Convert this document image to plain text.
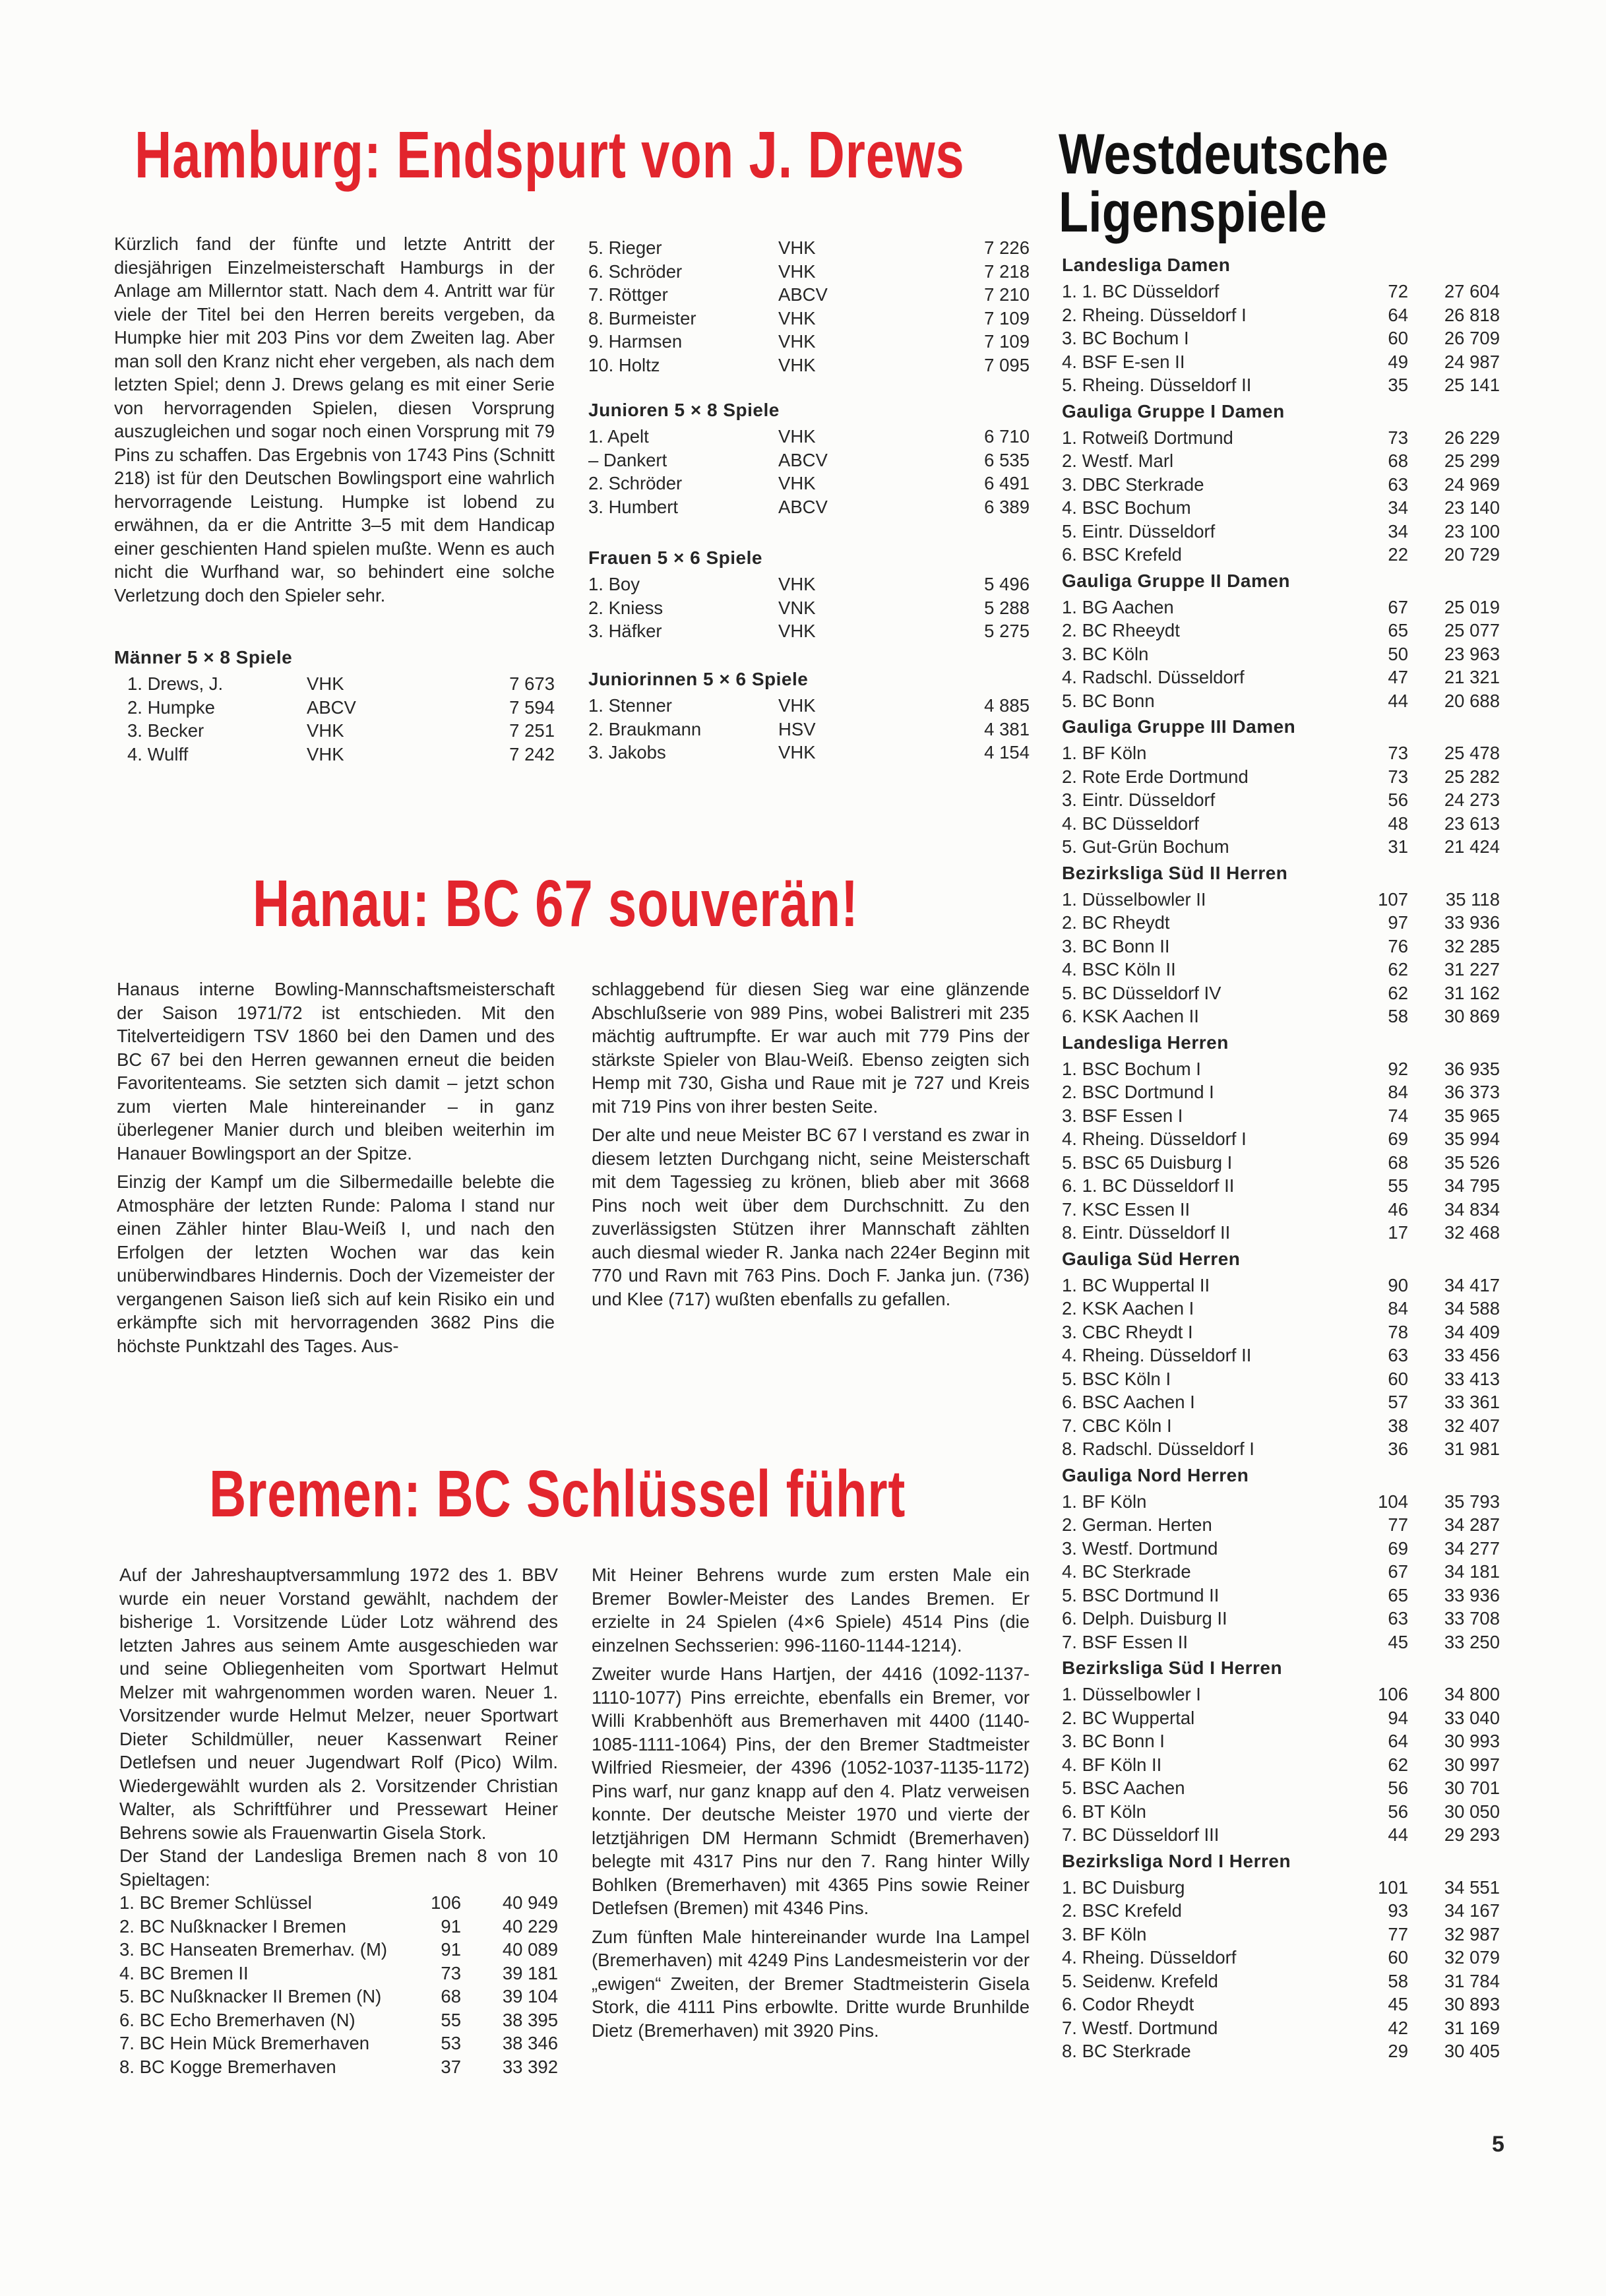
Hamburg: Endspurt von J. Drews

Kürzlich fand der fünfte und letzte Antritt der diesjährigen Einzelmeisterschaft Hamburgs in der Anlage am Millerntor statt. Nach dem 4. Antritt war für viele der Titel bei den Herren bereits vergeben, da Humpke hier mit 203 Pins vor dem Zweiten lag. Aber man soll den Kranz nicht eher vergeben, als nach dem letzten Spiel; denn J. Drews gelang es mit einer Serie von hervorragenden Spielen, diesen Vorsprung auszugleichen und sogar noch einen Vorsprung mit 79 Pins zu schaffen. Das Ergebnis von 1743 Pins (Schnitt 218) ist für den Deutschen Bowlingsport eine wahrlich hervorragende Leistung. Humpke ist lobend zu erwähnen, da er die Antritte 3–5 mit dem Handicap einer geschienten Hand spielen mußte. Wenn es auch nicht die Wurfhand war, so behindert eine solche Verletzung doch den Spieler sehr.

Männer 5 × 8 Spiele
1. Drews, J.	VHK	7 673
2. Humpke	ABCV	7 594
3. Becker	VHK	7 251
4. Wulff	VHK	7 242
5. Rieger	VHK	7 226
6. Schröder	VHK	7 218
7. Röttger	ABCV	7 210
8. Burmeister	VHK	7 109
9. Harmsen	VHK	7 109
10. Holtz	VHK	7 095
Junioren 5 × 8 Spiele
1. Apelt	VHK	6 710
– Dankert	ABCV	6 535
2. Schröder	VHK	6 491
3. Humbert	ABCV	6 389
Frauen 5 × 6 Spiele
1. Boy	VHK	5 496
2. Kniess	VNK	5 288
3. Häfker	VHK	5 275
Juniorinnen 5 × 6 Spiele
1. Stenner	VHK	4 885
2. Braukmann	HSV	4 381
3. Jakobs	VHK	4 154
Hanau: BC 67 souverän!

Hanaus interne Bowling-Mannschaftsmeisterschaft der Saison 1971/72 ist entschieden. Mit den Titelverteidigern TSV 1860 bei den Damen und des BC 67 bei den Herren gewannen erneut die beiden Favoritenteams. Sie setzten sich damit – jetzt schon zum vierten Male hintereinander – in ganz überlegener Manier durch und bleiben weiterhin im Hanauer Bowlingsport an der Spitze.

Einzig der Kampf um die Silbermedaille belebte die Atmosphäre der letzten Runde: Paloma I stand nur einen Zähler hinter Blau-Weiß I, und nach den Erfolgen der letzten Wochen war das kein unüberwindbares Hindernis. Doch der Vizemeister der vergangenen Saison ließ sich auf kein Risiko ein und erkämpfte sich mit hervorragenden 3682 Pins die höchste Punktzahl des Tages. Aus-

schlaggebend für diesen Sieg war eine glänzende Abschlußserie von 989 Pins, wobei Balistreri mit 235 mächtig auftrumpfte. Er war auch mit 779 Pins der stärkste Spieler von Blau-Weiß. Ebenso zeigten sich Hemp mit 730, Gisha und Raue mit je 727 und Kreis mit 719 Pins von ihrer besten Seite.

Der alte und neue Meister BC 67 I verstand es zwar in diesem letzten Durchgang nicht, seine Meisterschaft mit dem Tagessieg zu krönen, blieb aber mit 3668 Pins noch weit über dem Durchschnitt. Zu den zuverlässigsten Stützen ihrer Mannschaft zählten auch diesmal wieder R. Janka nach 224er Beginn mit 770 und Ravn mit 763 Pins. Doch F. Janka jun. (736) und Klee (717) wußten ebenfalls zu gefallen.

Bremen: BC Schlüssel führt

Auf der Jahreshauptversammlung 1972 des 1. BBV wurde ein neuer Vorstand gewählt, nachdem der bisherige 1. Vorsitzende Lüder Lotz während des letzten Jahres aus seinem Amte ausgeschieden war und seine Obliegenheiten vom Sportwart Helmut Melzer mit wahrgenommen worden waren. Neuer 1. Vorsitzender wurde Helmut Melzer, neuer Sportwart Dieter Schildmüller, neuer Kassenwart Reiner Detlefsen und neuer Jugendwart Rolf (Pico) Wilm. Wiedergewählt wurden als 2. Vorsitzender Christian Walter, als Schriftführer und Pressewart Heiner Behrens sowie als Frauenwartin Gisela Stork.

Der Stand der Landesliga Bremen nach 8 von 10 Spieltagen:

1. BC Bremer Schlüssel	106	40 949
2. BC Nußknacker I Bremen	91	40 229
3. BC Hanseaten Bremerhav. (M)	91	40 089
4. BC Bremen II	73	39 181
5. BC Nußknacker II Bremen (N)	68	39 104
6. BC Echo Bremerhaven (N)	55	38 395
7. BC Hein Mück Bremerhaven	53	38 346
8. BC Kogge Bremerhaven	37	33 392

Mit Heiner Behrens wurde zum ersten Male ein Bremer Bowler-Meister des Landes Bremen. Er erzielte in 24 Spielen (4×6 Spiele) 4514 Pins (die einzelnen Sechsserien: 996-1160-1144-1214).

Zweiter wurde Hans Hartjen, der 4416 (1092-1137-1110-1077) Pins erreichte, ebenfalls ein Bremer, vor Willi Krabbenhöft aus Bremerhaven mit 4400 (1140-1085-1111-1064) Pins, der den Bremer Stadtmeister Wilfried Riesmeier, der 4396 (1052-1037-1135-1172) Pins warf, nur ganz knapp auf den 4. Platz verweisen konnte. Der deutsche Meister 1970 und vierte der letztjährigen DM Hermann Schmidt (Bremerhaven) belegte mit 4317 Pins nur den 7. Rang hinter Willy Bohlken (Bremerhaven) mit 4365 Pins sowie Reiner Detlefsen (Bremen) mit 4346 Pins.

Zum fünften Male hintereinander wurde Ina Lampel (Bremerhaven) mit 4249 Pins Landesmeisterin vor der „ewigen“ Zweiten, der Bremer Stadtmeisterin Gisela Stork, die 4111 Pins erbowlte. Dritte wurde Brunhilde Dietz (Bremerhaven) mit 3920 Pins.

Westdeutsche
Ligenspiele
Landesliga Damen
1. 1. BC Düsseldorf	72	27 604
2. Rheing. Düsseldorf I	64	26 818
3. BC Bochum I	60	26 709
4. BSF E-sen II	49	24 987
5. Rheing. Düsseldorf II	35	25 141
Gauliga Gruppe I Damen
1. Rotweiß Dortmund	73	26 229
2. Westf. Marl	68	25 299
3. DBC Sterkrade	63	24 969
4. BSC Bochum	34	23 140
5. Eintr. Düsseldorf	34	23 100
6. BSC Krefeld	22	20 729
Gauliga Gruppe II Damen
1. BG Aachen	67	25 019
2. BC Rheeydt	65	25 077
3. BC Köln	50	23 963
4. Radschl. Düsseldorf	47	21 321
5. BC Bonn	44	20 688
Gauliga Gruppe III Damen
1. BF Köln	73	25 478
2. Rote Erde Dortmund	73	25 282
3. Eintr. Düsseldorf	56	24 273
4. BC Düsseldorf	48	23 613
5. Gut-Grün Bochum	31	21 424
Bezirksliga Süd II Herren
1. Düsselbowler II	107	35 118
2. BC Rheydt	97	33 936
3. BC Bonn II	76	32 285
4. BSC Köln II	62	31 227
5. BC Düsseldorf IV	62	31 162
6. KSK Aachen II	58	30 869
Landesliga Herren
1. BSC Bochum I	92	36 935
2. BSC Dortmund I	84	36 373
3. BSF Essen I	74	35 965
4. Rheing. Düsseldorf I	69	35 994
5. BSC 65 Duisburg I	68	35 526
6. 1. BC Düsseldorf II	55	34 795
7. KSC Essen II	46	34 834
8. Eintr. Düsseldorf II	17	32 468
Gauliga Süd Herren
1. BC Wuppertal II	90	34 417
2. KSK Aachen I	84	34 588
3. CBC Rheydt I	78	34 409
4. Rheing. Düsseldorf II	63	33 456
5. BSC Köln I	60	33 413
6. BSC Aachen I	57	33 361
7. CBC Köln I	38	32 407
8. Radschl. Düsseldorf I	36	31 981
Gauliga Nord Herren
1. BF Köln	104	35 793
2. German. Herten	77	34 287
3. Westf. Dortmund	69	34 277
4. BC Sterkrade	67	34 181
5. BSC Dortmund II	65	33 936
6. Delph. Duisburg II	63	33 708
7. BSF Essen II	45	33 250
Bezirksliga Süd I Herren
1. Düsselbowler I	106	34 800
2. BC Wuppertal	94	33 040
3. BC Bonn I	64	30 993
4. BF Köln II	62	30 997
5. BSC Aachen	56	30 701
6. BT Köln	56	30 050
7. BC Düsseldorf III	44	29 293
Bezirksliga Nord I Herren
1. BC Duisburg	101	34 551
2. BSC Krefeld	93	34 167
3. BF Köln	77	32 987
4. Rheing. Düsseldorf	60	32 079
5. Seidenw. Krefeld	58	31 784
6. Codor Rheydt	45	30 893
7. Westf. Dortmund	42	31 169
8. BC Sterkrade	29	30 405
5
